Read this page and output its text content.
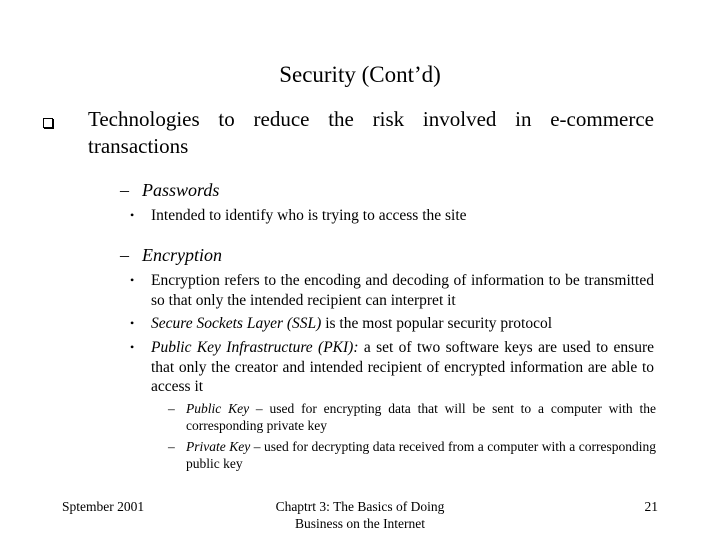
Security (Cont’d)
Technologies to reduce the risk involved in e-commerce transactions
– Passwords
• Intended to identify who is trying to access the site
– Encryption
• Encryption refers to the encoding and decoding of information to be transmitted so that only the intended recipient can interpret it
• Secure Sockets Layer (SSL) is the most popular security protocol
• Public Key Infrastructure (PKI): a set of two software keys are used to ensure that only the creator and intended recipient of encrypted information are able to access it
– Public Key – used for encrypting data that will be sent to a computer with the corresponding private key
– Private Key – used for decrypting data received from a computer with a corresponding public key
Sptember 2001	Chaptrt 3: The Basics of Doing
Business on the Internet
21
